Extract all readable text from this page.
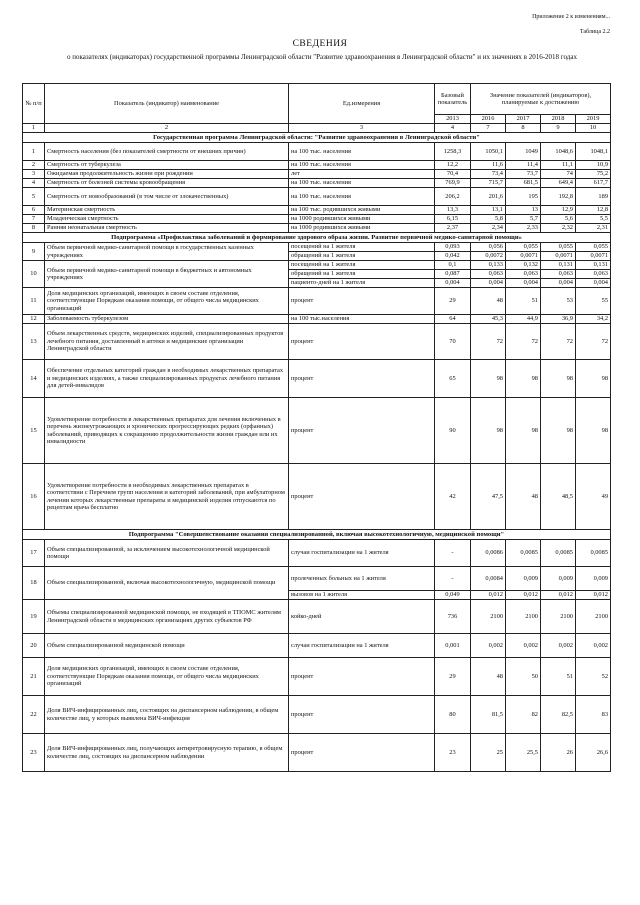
Приложение 2 к изменениям...
Таблица 2.2
СВЕДЕНИЯ
о показателях (индикаторах) государственной программы Ленинградской области "Развитие здравоохранения в Ленинградской области" и их значениях в 2016-2018 годах
№ п/п	Показатель (индикатор) наименование	Ед.измерения	Базовый показатель	Значение показателей (индикаторов), планируемые к достижению			
			2013	2016	2017	2018	2019
1	2	3	4	7	8	9	10
Государственная программа Ленинградской области: "Развитие здравоохранения в Ленинградской области"							
1	Смертность населения (без показателей смертности от внешних причин)	на 100 тыс. населения	1258,3	1050,1	1049	1048,6	1048,1
2	Смертность от туберкулеза	на 100 тыс. населения	12,2	11,6	11,4	11,1	10,9
3	Ожидаемая продолжительность жизни при рождении	лет	70,4	73,4	73,7	74	75,2
4	Смертность от болезней системы кровообращения	на 100 тыс. населения	769,9	715,7	681,5	649,4	617,7
5	Смертность от новообразований (в том числе от злокачественных)	на 100 тыс. населения	206,2	201,6	195	192,8	189
6	Материнская смертность	на 100 тыс. родившихся живыми	13,3	13,1	13	12,9	12,8
7	Младенческая смертность	на 1000 родившихся живыми	6,15	5,8	5,7	5,6	5,5
8	Ранняя неонатальная смертность	на 1000 родившихся живыми	2,37	2,34	2,33	2,32	2,31
Подпрограмма «Профилактика заболеваний и формирование здорового образа жизни. Развитие первичной медико-санитарной помощи»							
9	Объем первичной медико-санитарной помощи в государственных казенных учреждениях	посещений на 1 жителя	0,093	0,056	0,055	0,055	0,055
		обращений на 1 жителя	0,042	0,0072	0,0071	0,0071	0,0071
10	Объем первичной медико-санитарной помощи в бюджетных и автономных учреждениях	посещений на 1 жителя	0,1	0,133	0,132	0,131	0,131
		обращений на 1 жителя	0,087	0,063	0,063	0,063	0,063
		пациенто-дней на 1 жителя	0,004	0,004	0,004	0,004	0,004
11	Доля медицинских организаций, имеющих в своем составе отделения, соответствующие Порядкам оказания помощи, от общего числа медицинских организаций	процент	29	48	51	53	55
12	Заболеваемость туберкулезом	на 100 тыс.населения	64	45,3	44,9	36,9	34,2
13	Объем лекарственных средств, медицинских изделий, специализированных продуктов лечебного питания, доставленный в аптеки и медицинские организации Ленинградской области	процент	70	72	72	72	72
14	Обеспечение отдельных категорий граждан в необходимых лекарственных препаратах и медицинских изделиях, а также специализированных продуктах лечебного питания для детей-инвалидов	процент	65	98	98	98	98
15	Удовлетворение потребности в лекарственных препаратах для лечения включенных в перечень жизнеугрожающих и хронических прогрессирующих редких (орфанных) заболеваний, приводящих к сокращению продолжительности жизни граждан или их инвалидности	процент	90	98	98	98	98
16	Удовлетворение потребности в необходимых лекарственных препаратах в соответствии с Перечнем групп населения и категорий заболеваний, при амбулаторном лечении которых лекарственные препараты и медицинской изделия отпускаются по рецептам врача бесплатно	процент	42	47,5	48	48,5	49
Подпрограмма "Совершенствование оказания специализированной, включая высокотехнологичную, медицинской помощи"							
17	Объем специализированной, за исключением высокотехнологичной медицинской помощи	случаи госпитализации на 1 жителя	-	0,0086	0,0085	0,0085	0,0085
18	Объем специализированной, включая высокотехнологичную, медицинской помощи	пролеченных больных на 1 жителя	-	0,0084	0,009	0,009	0,009
		вызовов на 1 жителя	0,049	0,012	0,012	0,012	0,012
19	Объемы специализированной медицинской помощи, не входящей в ТПОМС жителям Ленинградской области в медицинских организациях других субъектов РФ	койко-дней	736	2100	2100	2100	2100
20	Объем специализированной медицинской помощи	случаи госпитализации на 1 жителя	0,001	0,002	0,002	0,002	0,002
21	Доля медицинских организаций, имеющих в своем составе отделения, соответствующие Порядкам оказания помощи, от общего числа медицинских организаций	процент	29	48	50	51	52
22	Доля ВИЧ-инфицированных лиц, состоящих на диспансерном наблюдении, в общем количестве лиц, у которых выявлена ВИЧ-инфекция	процент	80	81,5	82	82,5	83
23	Доля ВИЧ-инфицированных лиц, получающих антиретровирусную терапию, в общем количестве лиц, состоящих на диспансерном наблюдении	процент	23	25	25,5	26	26,6
